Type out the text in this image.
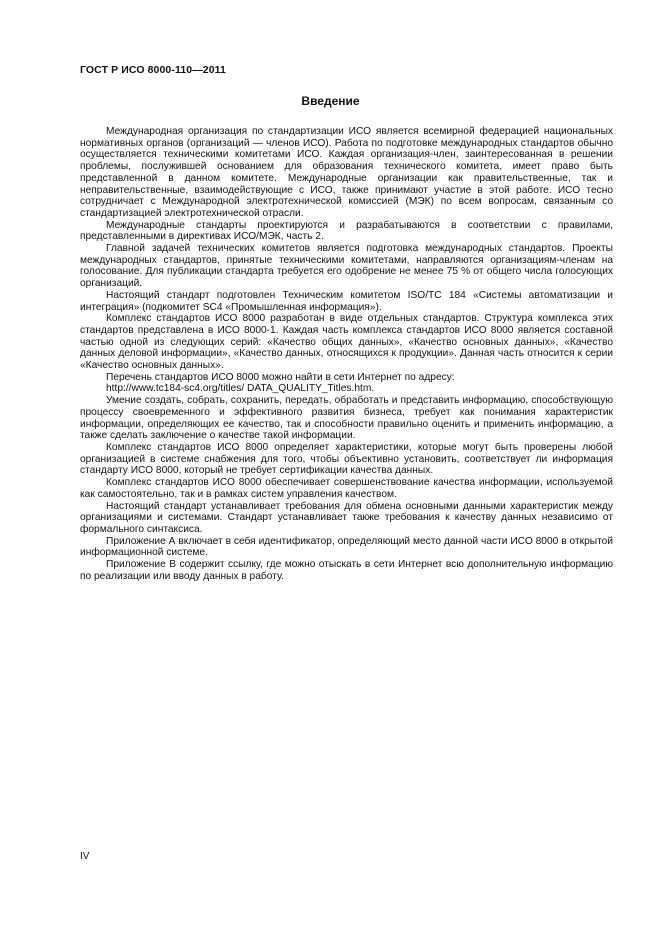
ГОСТ Р ИСО 8000-110—2011
Введение

Международная организация по стандартизации ИСО является всемирной федерацией национальных нормативных органов (организаций — членов ИСО). Работа по подготовке международных стандартов обычно осуществляется техническими комитетами ИСО. Каждая организация-член, заинтересованная в решении проблемы, послужившей основанием для образования технического комитета, имеет право быть представленной в данном комитете. Международные организации как правительственные, так и неправительственные, взаимодействующие с ИСО, также принимают участие в этой работе. ИСО тесно сотрудничает с Международной электротехнической комиссией (МЭК) по всем вопросам, связанным со стандартизацией электротехнической отрасли.

Международные стандарты проектируются и разрабатываются в соответствии с правилами, представленными в директивах ИСО/МЭК, часть 2.

Главной задачей технических комитетов является подготовка международных стандартов. Проекты международных стандартов, принятые техническими комитетами, направляются организациям-членам на голосование. Для публикации стандарта требуется его одобрение не менее 75 % от общего числа голосующих организаций.

Настоящий стандарт подготовлен Техническим комитетом ISO/TC 184 «Системы автоматизации и интеграция» (подкомитет SC4 «Промышленная информация»).

Комплекс стандартов ИСО 8000 разработан в виде отдельных стандартов. Структура комплекса этих стандартов представлена в ИСО 8000-1. Каждая часть комплекса стандартов ИСО 8000 является составной частью одной из следующих серий: «Качество общих данных», «Качество основных данных», «Качество данных деловой информации», «Качество данных, относящихся к продукции». Данная часть относится к серии «Качество основных данных».

Перечень стандартов ИСО 8000 можно найти в сети Интернет по адресу:

http://www.tc184-sc4.org/titles/ DATA_QUALITY_Titles.htm.

Умение создать, собрать, сохранить, передать, обработать и представить информацию, способствующую процессу своевременного и эффективного развития бизнеса, требует как понимания характеристик информации, определяющих ее качество, так и способности правильно оценить и применить информацию, а также сделать заключение о качестве такой информации.

Комплекс стандартов ИСО 8000 определяет характеристики, которые могут быть проверены любой организацией в системе снабжения для того, чтобы объективно установить, соответствует ли информация стандарту ИСО 8000, который не требует сертификации качества данных.

Комплекс стандартов ИСО 8000 обеспечивает совершенствование качества информации, используемой как самостоятельно, так и в рамках систем управления качеством.

Настоящий стандарт устанавливает требования для обмена основными данными характеристик между организациями и системами. Стандарт устанавливает также требования к качеству данных независимо от формального синтаксиса.

Приложение А включает в себя идентификатор, определяющий место данной части ИСО 8000 в открытой информационной системе.

Приложение В содержит ссылку, где можно отыскать в сети Интернет всю дополнительную информацию по реализации или вводу данных в работу.

IV
